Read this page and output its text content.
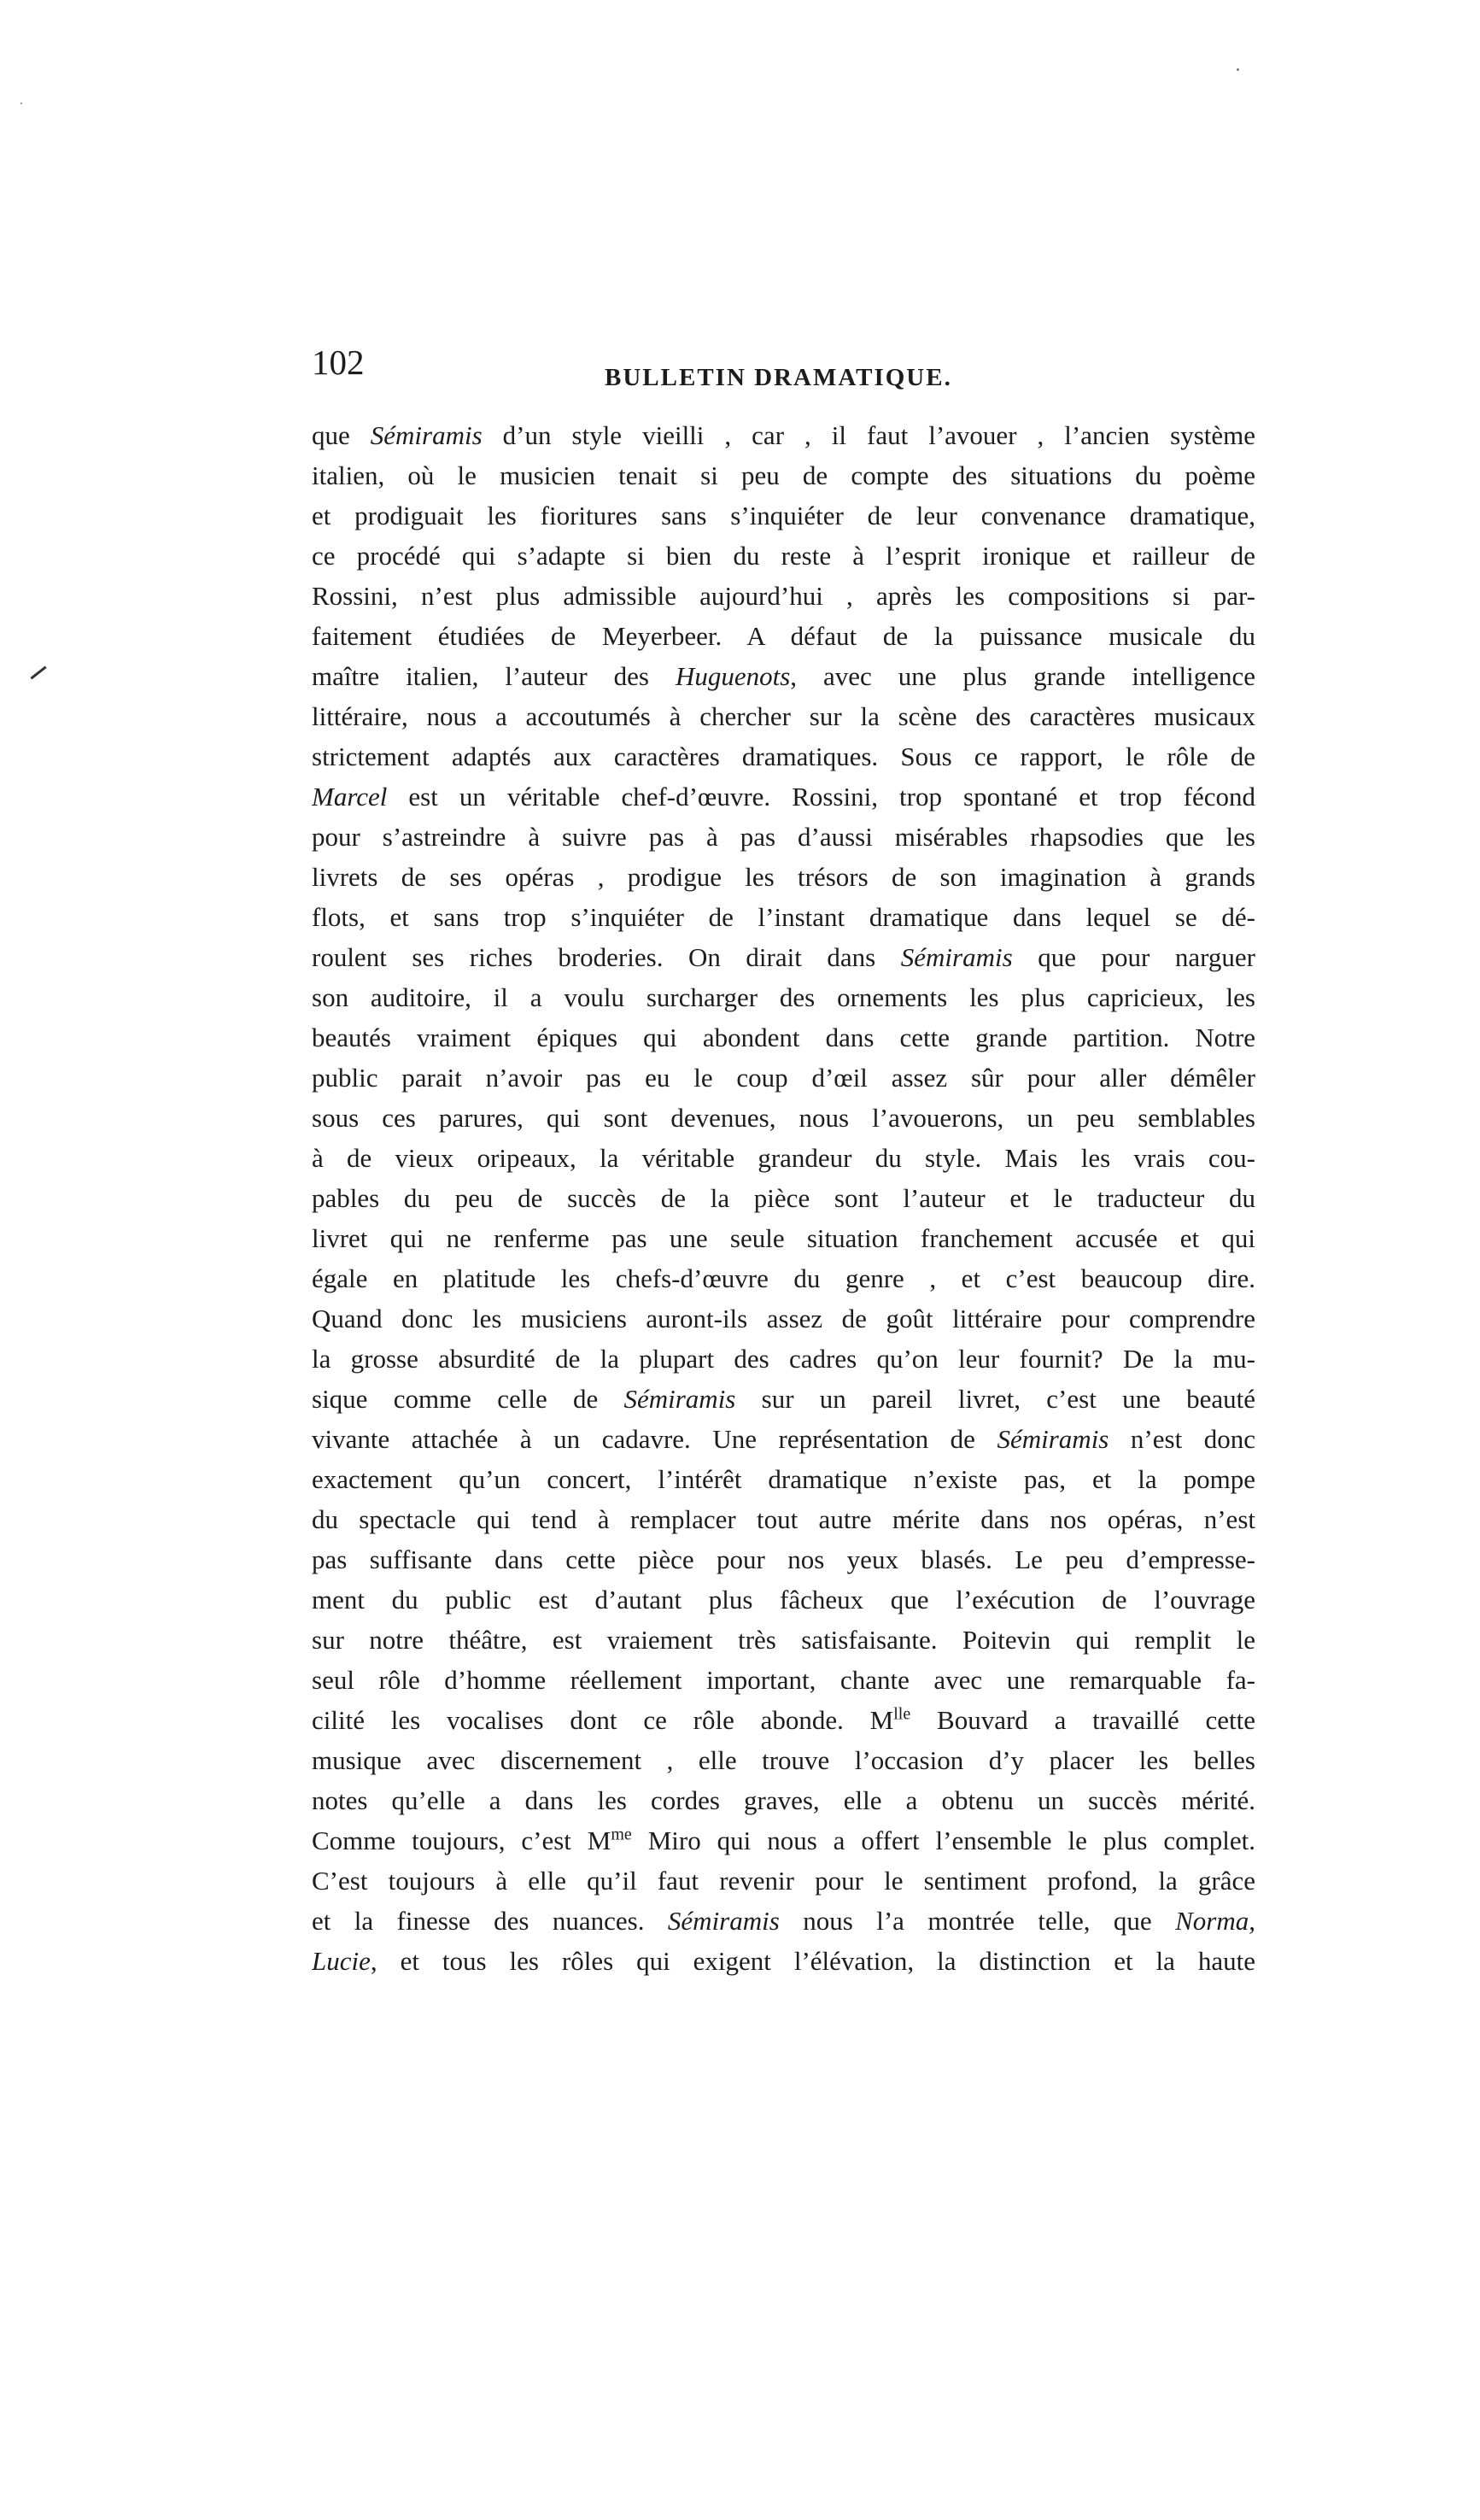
102	BULLETIN DRAMATIQUE.
que Sémiramis d’un style vieilli , car , il faut l’avouer , l’ancien système
italien, où le musicien tenait si peu de compte des situations du poème
et prodiguait les fioritures sans s’inquiéter de leur convenance dramatique,
ce procédé qui s’adapte si bien du reste à l’esprit ironique et railleur de
Rossini, n’est plus admissible aujourd’hui , après les compositions si par-
faitement étudiées de Meyerbeer. A défaut de la puissance musicale du
maître italien, l’auteur des Huguenots, avec une plus grande intelligence
littéraire, nous a accoutumés à chercher sur la scène des caractères musicaux
strictement adaptés aux caractères dramatiques. Sous ce rapport, le rôle de
Marcel est un véritable chef-d’œuvre. Rossini, trop spontané et trop fécond
pour s’astreindre à suivre pas à pas d’aussi misérables rhapsodies que les
livrets de ses opéras , prodigue les trésors de son imagination à grands
flots, et sans trop s’inquiéter de l’instant dramatique dans lequel se dé-
roulent ses riches broderies. On dirait dans Sémiramis que pour narguer
son auditoire, il a voulu surcharger des ornements les plus capricieux, les
beautés vraiment épiques qui abondent dans cette grande partition. Notre
public parait n’avoir pas eu le coup d’œil assez sûr pour aller démêler
sous ces parures, qui sont devenues, nous l’avouerons, un peu semblables
à de vieux oripeaux, la véritable grandeur du style. Mais les vrais cou-
pables du peu de succès de la pièce sont l’auteur et le traducteur du
livret qui ne renferme pas une seule situation franchement accusée et qui
égale en platitude les chefs-d’œuvre du genre , et c’est beaucoup dire.
Quand donc les musiciens auront-ils assez de goût littéraire pour comprendre
la grosse absurdité de la plupart des cadres qu’on leur fournit? De la mu-
sique comme celle de Sémiramis sur un pareil livret, c’est une beauté
vivante attachée à un cadavre. Une représentation de Sémiramis n’est donc
exactement qu’un concert, l’intérêt dramatique n’existe pas, et la pompe
du spectacle qui tend à remplacer tout autre mérite dans nos opéras, n’est
pas suffisante dans cette pièce pour nos yeux blasés. Le peu d’empresse-
ment du public est d’autant plus fâcheux que l’exécution de l’ouvrage
sur notre théâtre, est vraiement très satisfaisante. Poitevin qui remplit le
seul rôle d’homme réellement important, chante avec une remarquable fa-
cilité les vocalises dont ce rôle abonde. $M^{lle}$ Bouvard a travaillé cette
musique avec discernement , elle trouve l’occasion d’y placer les belles
notes qu’elle a dans les cordes graves, elle a obtenu un succès mérité.
Comme toujours, c’est $M^{me}$ Miro qui nous a offert l’ensemble le plus complet.
C’est toujours à elle qu’il faut revenir pour le sentiment profond, la grâce
et la finesse des nuances. Sémiramis nous l’a montrée telle, que Norma,
Lucie, et tous les rôles qui exigent l’élévation, la distinction et la haute
